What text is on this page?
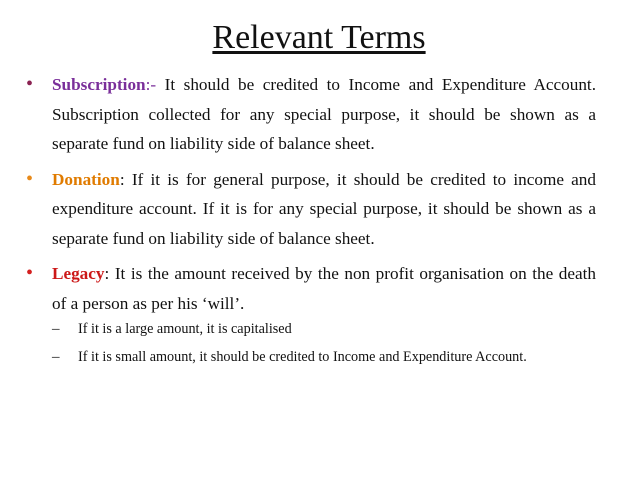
Relevant Terms
• Subscription:- It should be credited to Income and Expenditure Account. Subscription collected for any special purpose, it should be shown as a separate fund on liability side of balance sheet.
• Donation: If it is for general purpose, it should be credited to income and expenditure account. If it is for any special purpose, it should be shown as a separate fund on liability side of balance sheet.
• Legacy: It is the amount received by the non profit organisation on the death of a person as per his ‘will’.
– If it is a large amount, it is capitalised
– If it is small amount, it should be credited to Income and Expenditure Account.
